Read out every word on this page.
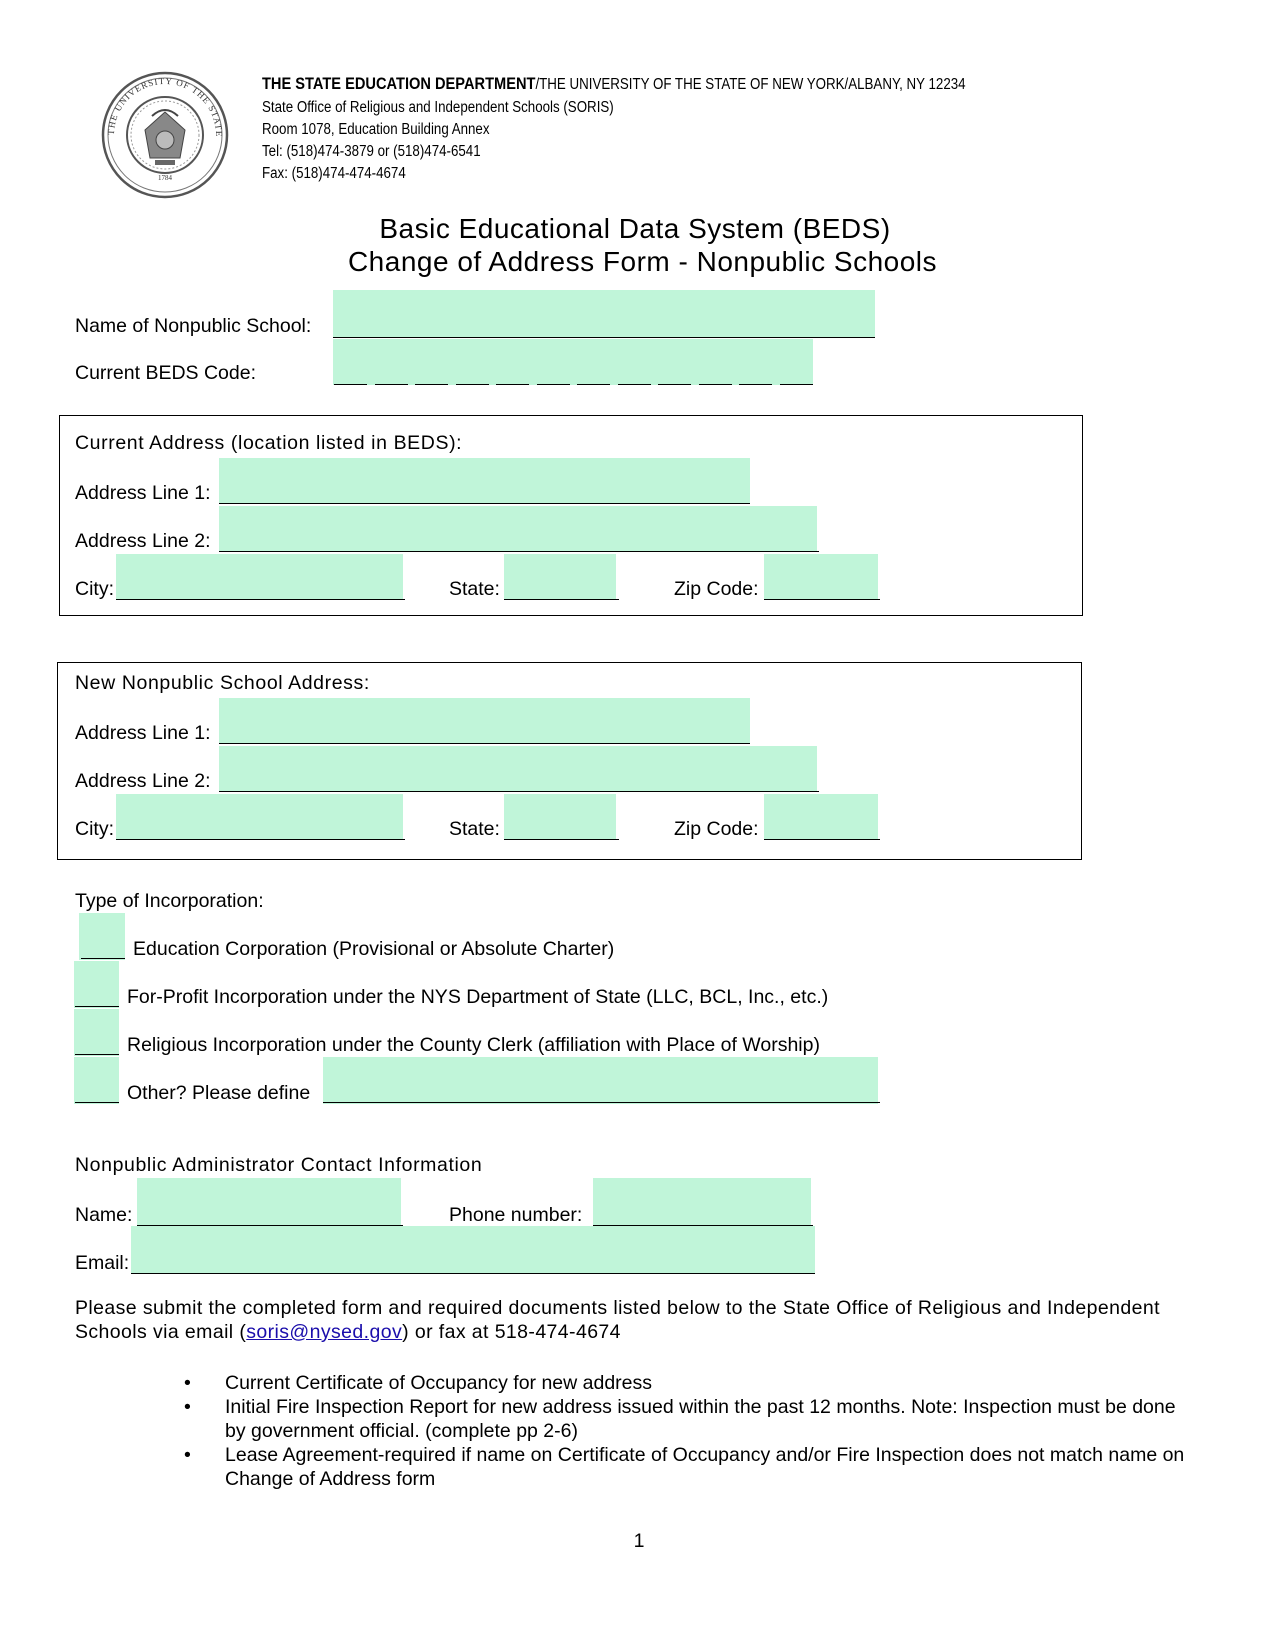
THE UNIVERSITY OF THE STATE
1784
THE STATE EDUCATION DEPARTMENT/THE UNIVERSITY OF THE STATE OF NEW YORK/ALBANY, NY 12234
State Office of Religious and Independent Schools (SORIS)
Room 1078, Education Building Annex
Tel: (518)474-3879 or (518)474-6541
Fax: (518)474-474-4674
Basic Educational Data System (BEDS)
Change of Address Form - Nonpublic Schools
Name of Nonpublic School:
Current BEDS Code:
Current Address (location listed in BEDS):
Address Line 1:
Address Line 2:
City:	State:	Zip Code:
New Nonpublic School Address:
Address Line 1:
Address Line 2:
City:	State:	Zip Code:
Type of Incorporation:
Education Corporation (Provisional or Absolute Charter)
For-Profit Incorporation under the NYS Department of State (LLC, BCL, Inc., etc.)
Religious Incorporation under the County Clerk (affiliation with Place of Worship)
Other? Please define
Nonpublic Administrator Contact Information
Name:	Phone number:
Email:
Please submit the completed form and required documents listed below to the State Office of Religious and Independent Schools via email (soris@nysed.gov) or fax at 518-474-4674
• Current Certificate of Occupancy for new address
• Initial Fire Inspection Report for new address issued within the past 12 months. Note: Inspection must be done by government official. (complete pp 2-6)
• Lease Agreement-required if name on Certificate of Occupancy and/or Fire Inspection does not match name on Change of Address form
1
